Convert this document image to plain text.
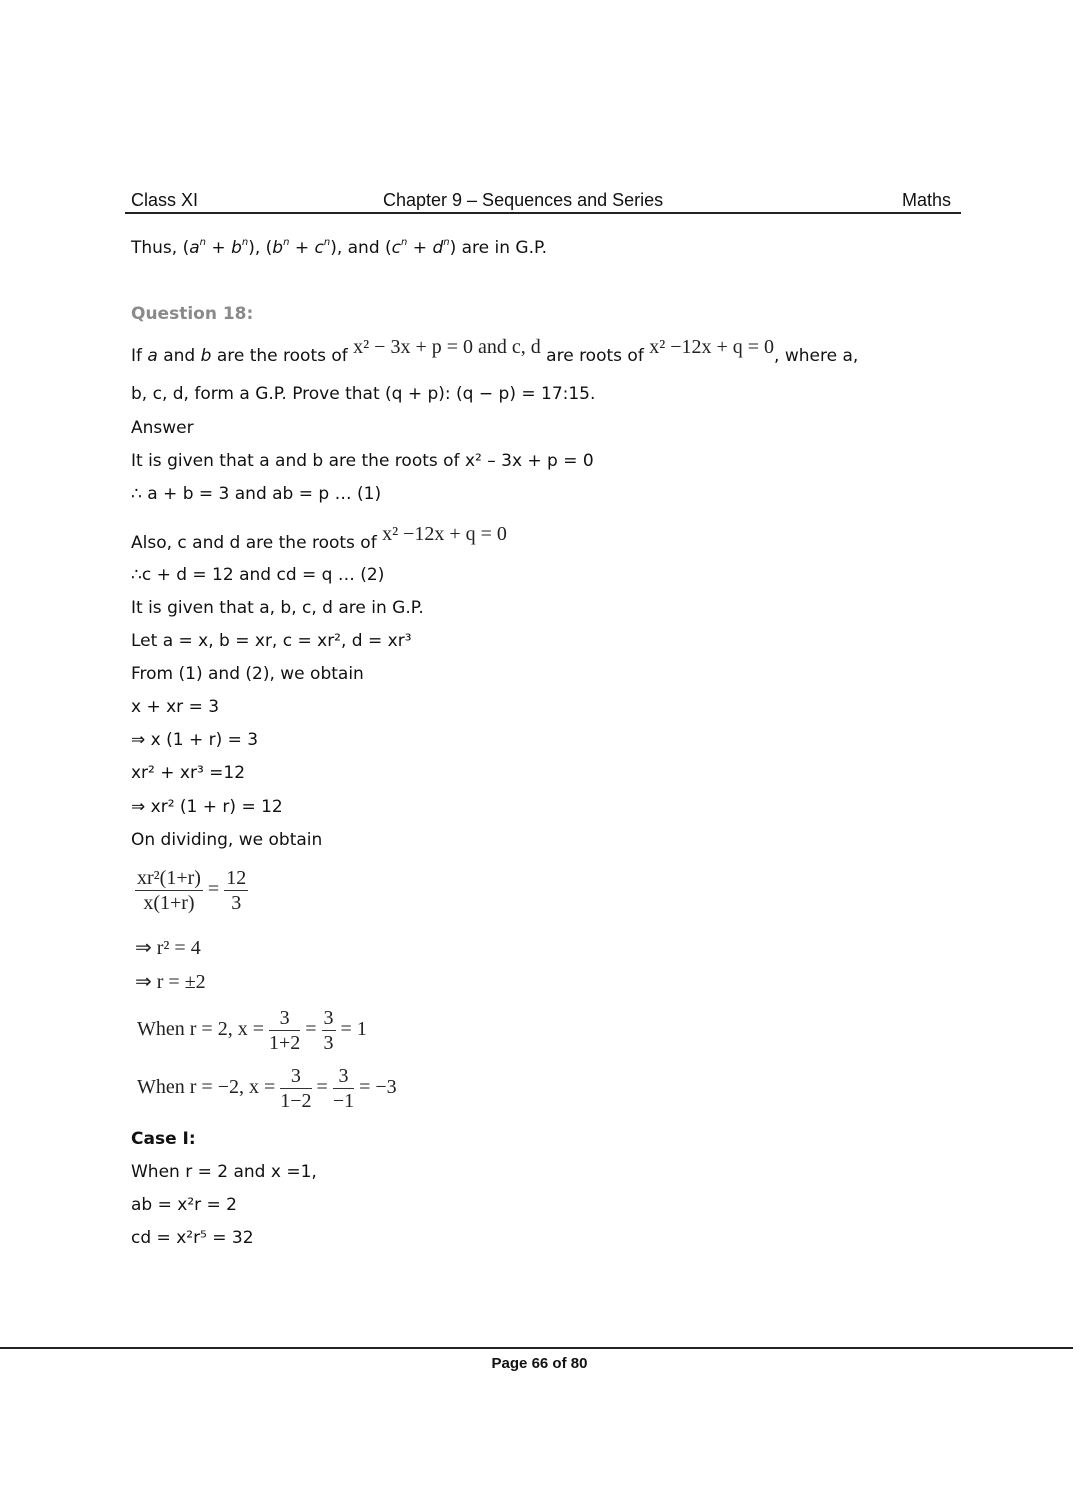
Class XI	Chapter 9 – Sequences and Series	Maths
Thus, $(a^n + b^n)$, $(b^n + c^n)$, and $(c^n + d^n)$ are in G.P.
Question 18:
If a and b are the roots of x² − 3x + p = 0 and c, d are roots of x² −12x + q = 0, where a,
b, c, d, form a G.P. Prove that (q + p): (q − p) = 17:15.
Answer
It is given that a and b are the roots of x² – 3x + p = 0
∴ a + b = 3 and ab = p … (1)
Also, c and d are the roots of x² −12x + q = 0
∴c + d = 12 and cd = q … (2)
It is given that a, b, c, d are in G.P.
Let a = x, b = xr, c = xr², d = xr³
From (1) and (2), we obtain
x + xr = 3
⇒ x (1 + r) = 3
xr² + xr³ =12
⇒ xr² (1 + r) = 12
On dividing, we obtain
$\frac{\text{xr²(1+r)}}{x(1+r)} = \frac{12}{3}$
⇒ r² = 4
⇒ r = ±2
When r = 2, $x = \frac{3}{1+2} = \frac{3}{3} = 1$
When r = −2, $x = \frac{3}{1-2} = \frac{3}{-1} = -3$
Case I:
When r = 2 and x =1,
ab = x²r = 2
cd = x²r⁵ = 32
Page 66 of 80
